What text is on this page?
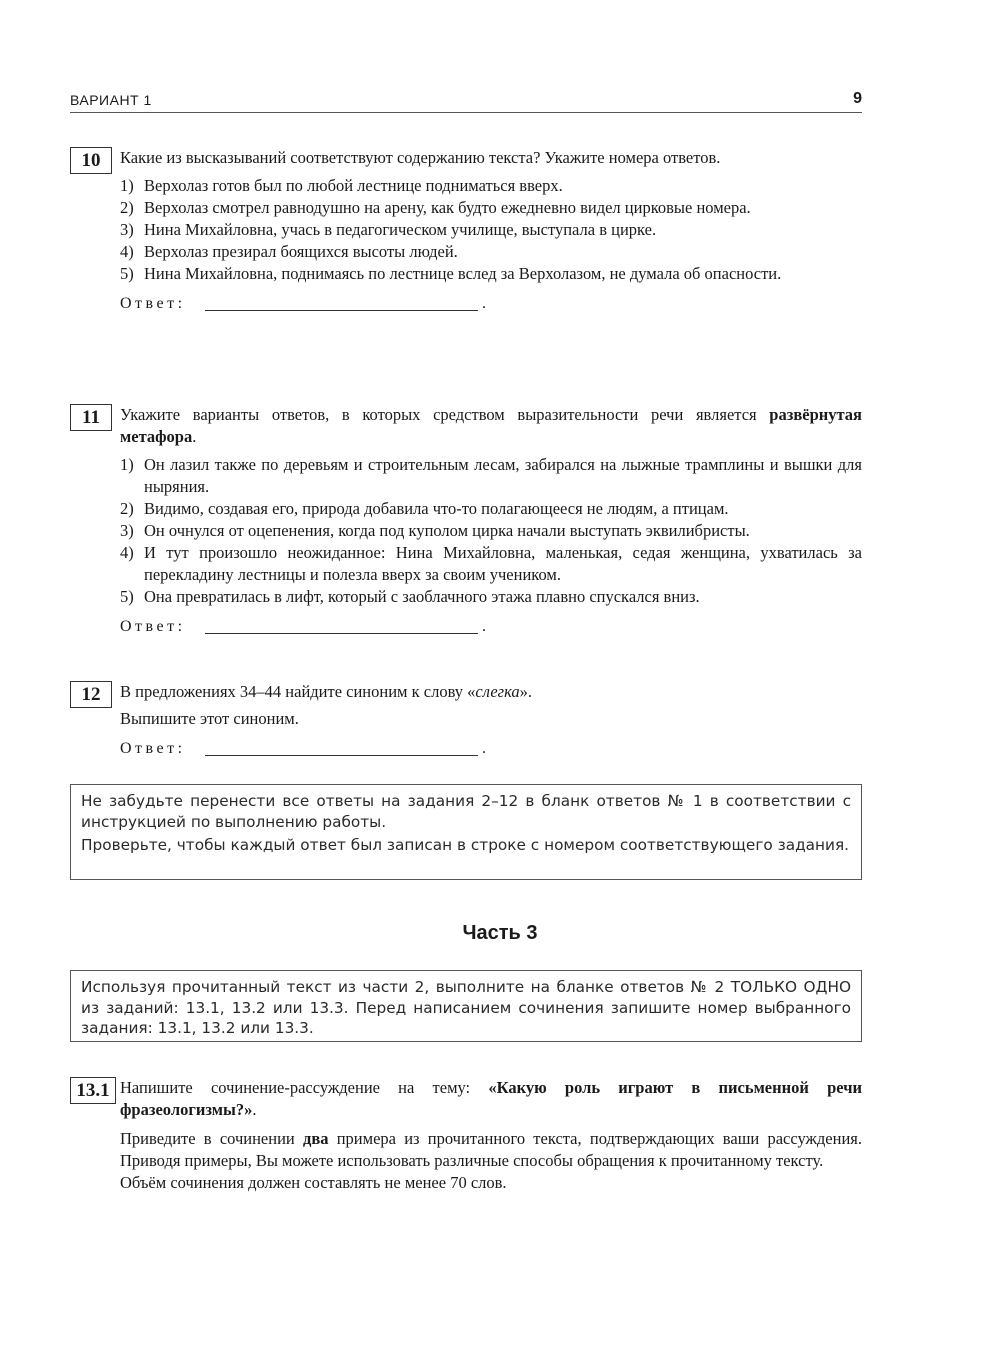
ВАРИАНТ 1	9
10	Какие из высказываний соответствуют содержанию текста? Укажите номера ответов.

1) Верхолаз готов был по любой лестнице подниматься вверх.
2) Верхолаз смотрел равнодушно на арену, как будто ежедневно видел цирковые номера.
3) Нина Михайловна, учась в педагогическом училище, выступала в цирке.
4) Верхолаз презирал боящихся высоты людей.
5) Нина Михайловна, поднимаясь по лестнице вслед за Верхолазом, не думала об опасности.
Ответ:	.
11	Укажите варианты ответов, в которых средством выразительности речи является развёрнутая метафора.

1) Он лазил также по деревьям и строительным лесам, забирался на лыжные трамплины и вышки для ныряния.
2) Видимо, создавая его, природа добавила что-то полагающееся не людям, а птицам.
3) Он очнулся от оцепенения, когда под куполом цирка начали выступать эквилибристы.
4) И тут произошло неожиданное: Нина Михайловна, маленькая, седая женщина, ухватилась за перекладину лестницы и полезла вверх за своим учеником.
5) Она превратилась в лифт, который с заоблачного этажа плавно спускался вниз.
Ответ:	.
12	В предложениях 34–44 найдите синоним к слову «слегка».

Выпишите этот синоним.

Ответ:	.

Не забудьте перенести все ответы на задания 2–12 в бланк ответов № 1 в соответствии с инструкцией по выполнению работы.

Проверьте, чтобы каждый ответ был записан в строке с номером соответствующего задания.

Часть 3

Используя прочитанный текст из части 2, выполните на бланке ответов № 2 ТОЛЬКО ОДНО из заданий: 13.1, 13.2 или 13.3. Перед написанием сочинения запишите номер выбранного задания: 13.1, 13.2 или 13.3.

13.1 Напишите сочинение-рассуждение на тему: «Какую роль играют в письменной речи фразеологизмы?».

Приведите в сочинении два примера из прочитанного текста, подтверждающих ваши рассуждения. Приводя примеры, Вы можете использовать различные способы обращения к прочитанному тексту.

Объём сочинения должен составлять не менее 70 слов.
